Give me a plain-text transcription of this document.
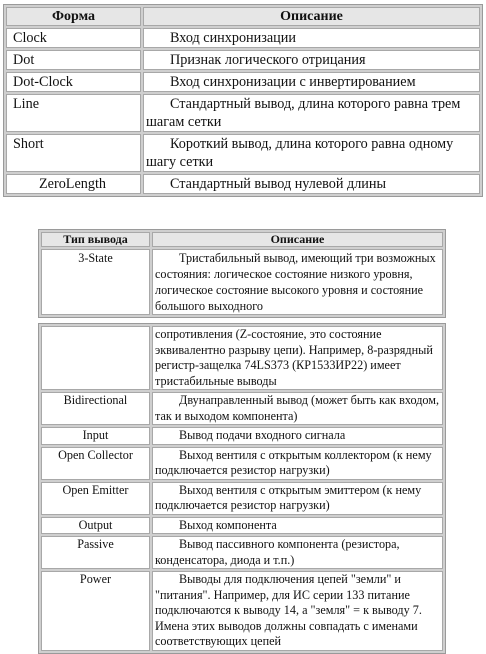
Форма	Описание
Clock	Вход синхронизации
Dot	Признак логического отрицания
Dot-Clock	Вход синхронизации с инвертированием
Line	Стандартный вывод, длина которого равна трем шагам сетки
Short	Короткий вывод, длина которого равна одному шагу сетки
ZeroLength	Стандартный вывод нулевой длины
Тип вывода	Описание
3-State	Тристабильный вывод, имеющий три возможных состояния: логическое состояние низкого уровня, логическое состояние высокого уровня и состояние большого выходного
	сопротивления (Z-состояние, это состояние эквивалентно разрыву цепи). Например, 8-разрядный регистр-защелка 74LS373 (КР1533ИР22) имеет тристабильные выводы
Bidirectional	Двунаправленный вывод (может быть как входом, так и выходом компонента)
Input	Вывод подачи входного сигнала
Open Collector	Выход вентиля с открытым коллектором (к нему подключается резистор нагрузки)
Open Emitter	Выход вентиля с открытым эмиттером (к нему подключается резистор нагрузки)
Output	Выход компонента
Passive	Вывод пассивного компонента (резистора, конденсатора, диода и т.п.)
Power	Выводы для подключения цепей "земли" и "питания". Например, для ИС серии 133 питание подключаются к выводу 14, а "земля" = к выводу 7. Имена этих выводов должны совпадать с именами соответствующих цепей
